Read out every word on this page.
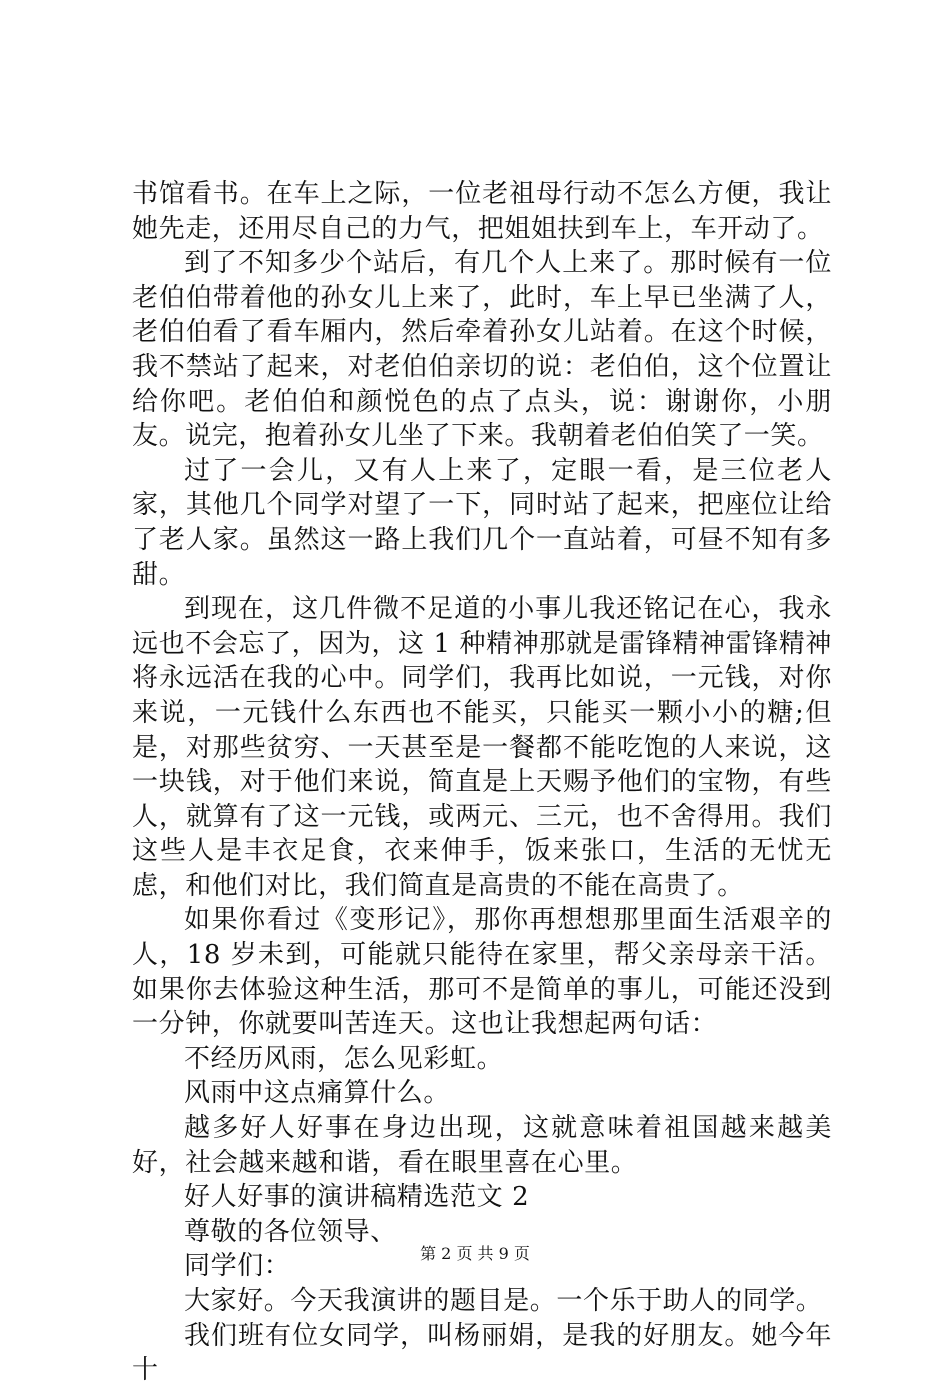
书馆看书。在车上之际，一位老祖母行动不怎么方便，我让她先走，还用尽自己的力气，把姐姐扶到车上，车开动了。

到了不知多少个站后，有几个人上来了。那时候有一位老伯伯带着他的孙女儿上来了，此时，车上早已坐满了人，老伯伯看了看车厢内，然后牵着孙女儿站着。在这个时候，我不禁站了起来，对老伯伯亲切的说：老伯伯，这个位置让给你吧。老伯伯和颜悦色的点了点头，说：谢谢你，小朋友。说完，抱着孙女儿坐了下来。我朝着老伯伯笑了一笑。

过了一会儿，又有人上来了，定眼一看，是三位老人家，其他几个同学对望了一下，同时站了起来，把座位让给了老人家。虽然这一路上我们几个一直站着，可昼不知有多甜。

到现在，这几件微不足道的小事儿我还铭记在心，我永远也不会忘了，因为，这 1 种精神那就是雷锋精神雷锋精神将永远活在我的心中。同学们，我再比如说，一元钱，对你来说，一元钱什么东西也不能买，只能买一颗小小的糖;但是，对那些贫穷、一天甚至是一餐都不能吃饱的人来说，这一块钱，对于他们来说，简直是上天赐予他们的宝物，有些人，就算有了这一元钱，或两元、三元，也不舍得用。我们这些人是丰衣足食，衣来伸手，饭来张口，生活的无忧无虑，和他们对比，我们简直是高贵的不能在高贵了。

如果你看过《变形记》，那你再想想那里面生活艰辛的人，18 岁未到，可能就只能待在家里，帮父亲母亲干活。如果你去体验这种生活，那可不是简单的事儿，可能还没到一分钟，你就要叫苦连天。这也让我想起两句话：

不经历风雨，怎么见彩虹。

风雨中这点痛算什么。

越多好人好事在身边出现，这就意味着祖国越来越美好，社会越来越和谐，看在眼里喜在心里。

好人好事的演讲稿精选范文 2

尊敬的各位领导、

同学们：

大家好。今天我演讲的题目是。一个乐于助人的同学。

我们班有位女同学，叫杨丽娟，是我的好朋友。她今年十

第 2 页 共 9 页
